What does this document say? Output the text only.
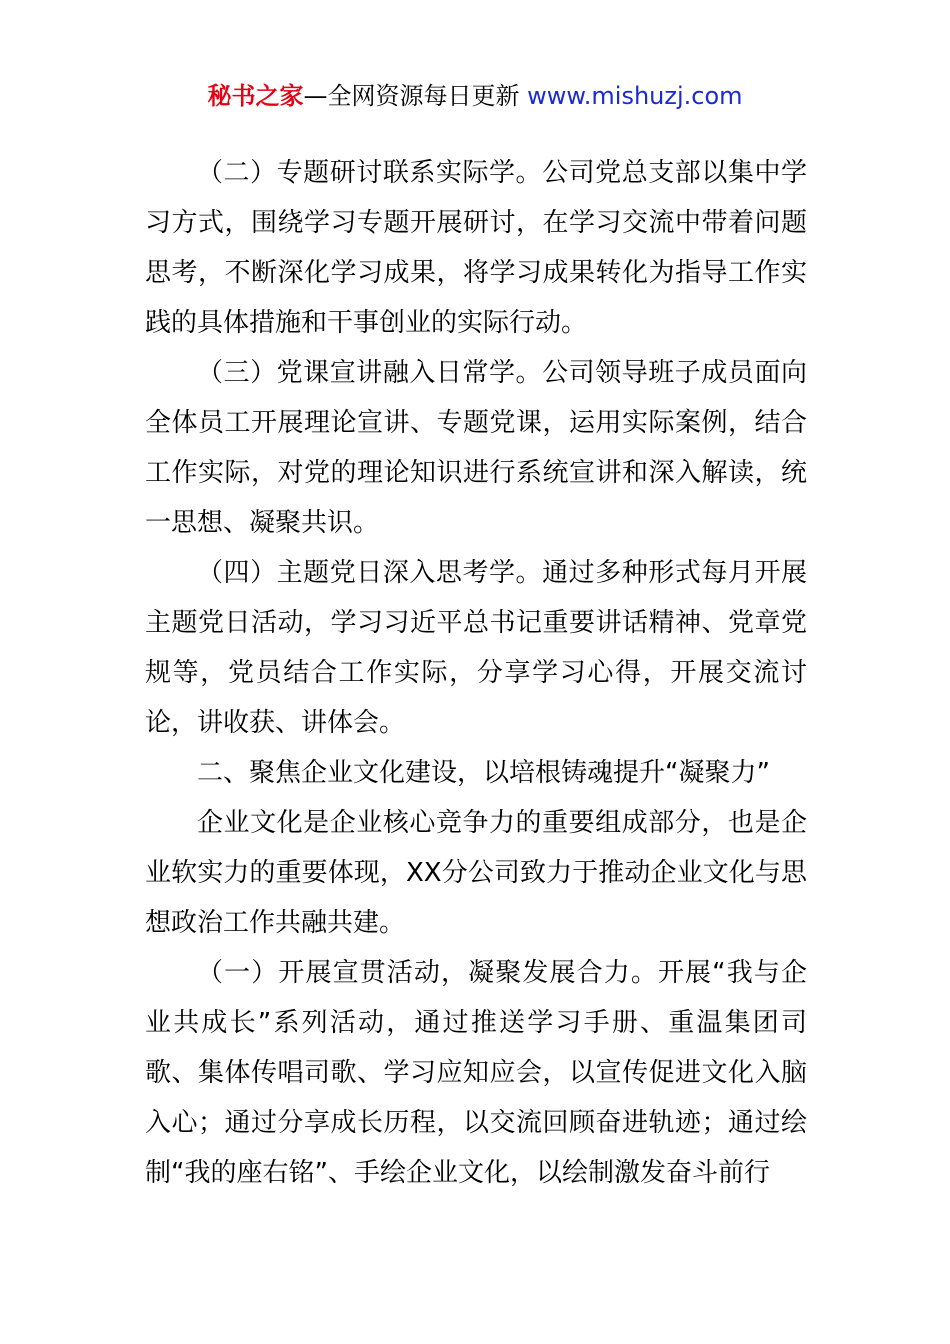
秘书之家—全网资源每日更新 www.mishuzj.com

（二）专题研讨联系实际学。公司党总支部以集中学习方式，围绕学习专题开展研讨，在学习交流中带着问题思考，不断深化学习成果，将学习成果转化为指导工作实践的具体措施和干事创业的实际行动。

（三）党课宣讲融入日常学。公司领导班子成员面向全体员工开展理论宣讲、专题党课，运用实际案例，结合工作实际，对党的理论知识进行系统宣讲和深入解读，统一思想、凝聚共识。

（四）主题党日深入思考学。通过多种形式每月开展主题党日活动，学习习近平总书记重要讲话精神、党章党规等，党员结合工作实际，分享学习心得，开展交流讨论，讲收获、讲体会。

二、聚焦企业文化建设，以培根铸魂提升“凝聚力”

企业文化是企业核心竞争力的重要组成部分，也是企业软实力的重要体现，XX分公司致力于推动企业文化与思想政治工作共融共建。

（一）开展宣贯活动，凝聚发展合力。开展“我与企业共成长”系列活动，通过推送学习手册、重温集团司歌、集体传唱司歌、学习应知应会，以宣传促进文化入脑入心；通过分享成长历程，以交流回顾奋进轨迹；通过绘制“我的座右铭”、手绘企业文化，以绘制激发奋斗前行
